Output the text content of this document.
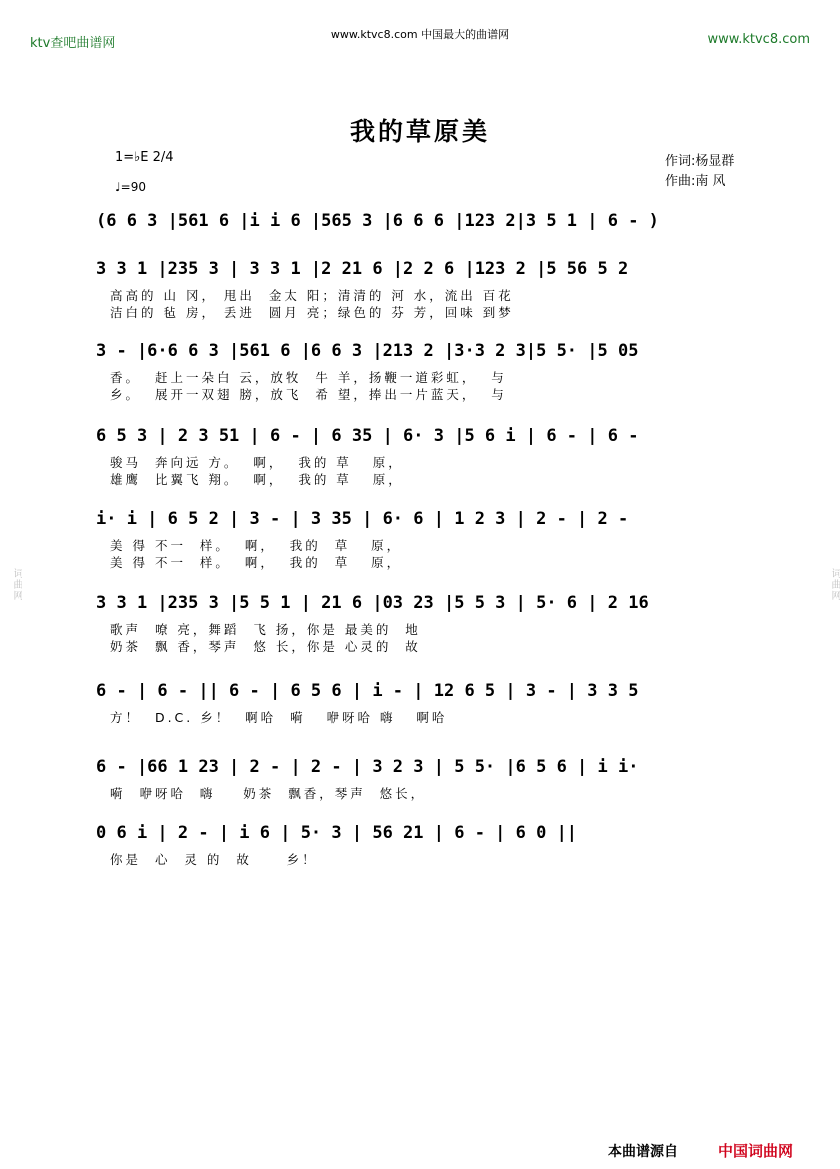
词曲网	词曲网
ktv查吧曲谱网
www.ktvc8.com 中国最大的曲谱网	www.ktvc8.com
我的草原美
1=♭E 2/4
♩=90
作词:杨显群
作曲:南 风
(6 6 3 |561 6 |i i 6 |565 3 |6 6 6 |123 2|3 5 1 | 6 - )
3 3 1 |235 3 | 3 3 1 |2 21 6 |2 2 6 |123 2 |5 56 5 2
高高的 山 冈， 甩出  金太 阳；清清的 河 水，流出 百花
洁白的 毡 房， 丢进  圆月 亮；绿色的 芬 芳，回味 到梦
3 - |6·6 6 3 |561 6 |6 6 3 |213 2 |3·3 2 3|5 5· |5 05
香。  赶上一朵白 云，放牧  牛 羊，扬鞭一道彩虹，  与
乡。  展开一双翅 膀，放飞  希 望，捧出一片蓝天，  与
6 5 3 | 2 3 51 | 6 - | 6 35 | 6· 3 |5 6 i | 6 - | 6 -
骏马  奔向远 方。  啊，  我的 草   原，
雄鹰  比翼飞 翔。  啊，  我的 草   原，
i· i | 6 5 2 | 3 - | 3 35 | 6· 6 | 1 2 3 | 2 - | 2 -
美 得 不一  样。  啊，  我的  草   原，
美 得 不一  样。  啊，  我的  草   原，
3 3 1 |235 3 |5 5 1 | 21 6 |03 23 |5 5 3 | 5· 6 | 2 16
歌声  嘹 亮，舞蹈  飞 扬，你是 最美的  地
奶茶  飘 香，琴声  悠 长，你是 心灵的  故
6 - | 6 - || 6 - | 6 5 6 | i - | 12 6 5 | 3 - | 3 3 5
方！  D.C. 乡！  啊哈  嗬   咿呀哈 嗨   啊哈
6 - |66 1 23 | 2 - | 2 - | 3 2 3 | 5 5· |6 5 6 | i i·
嗬  咿呀哈  嗨    奶茶  飘香，琴声  悠长，
0 6 i | 2 - | i 6 | 5· 3 | 56 21 | 6 - | 6 0 ||
你是  心  灵 的  故     乡！
本曲谱源自	中国词曲网
